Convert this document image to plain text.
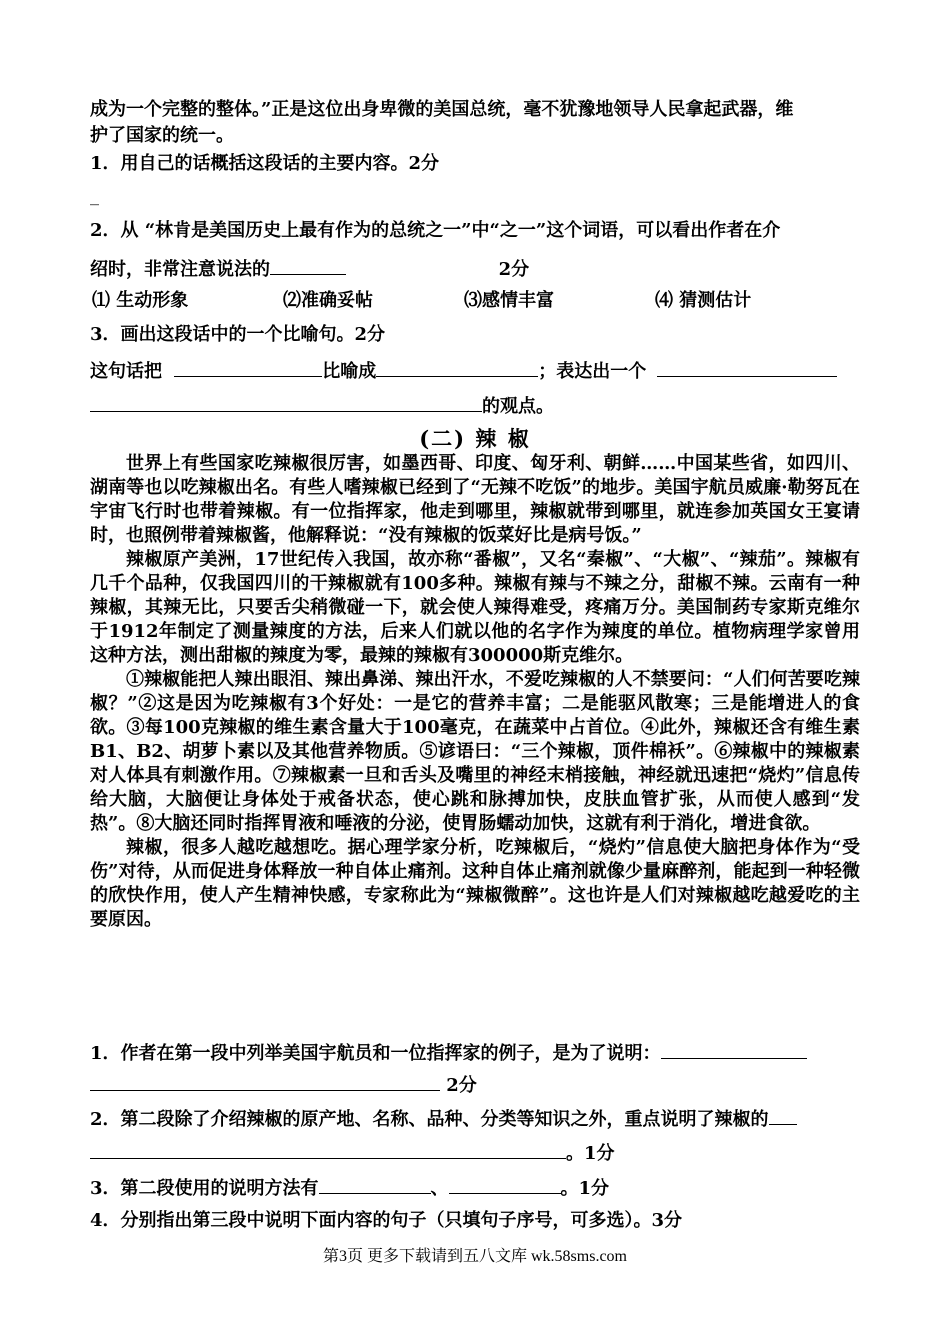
成为一个完整的整体。”正是这位出身卑微的美国总统，毫不犹豫地领导人民拿起武器，维
护了国家的统一。
1．用自己的话概括这段话的主要内容。2分
_
2．从 “林肯是美国历史上最有作为的总统之一”中“之一”这个词语，可以看出作者在介
绍时，非常注意说法的	2分
⑴ 生动形象	⑵准确妥帖	⑶感情丰富	⑷ 猜测估计
3．画出这段话中的一个比喻句。2分
这句话把	比喻成	；表达出一个
的观点。
(二) 辣 椒

世界上有些国家吃辣椒很厉害，如墨西哥、印度、匈牙利、朝鲜……中国某些省，如四川、湖南等也以吃辣椒出名。有些人嗜辣椒已经到了“无辣不吃饭”的地步。美国宇航员威廉·勒努瓦在宇宙飞行时也带着辣椒。有一位指挥家，他走到哪里，辣椒就带到哪里，就连参加英国女王宴请时，也照例带着辣椒酱，他解释说：“没有辣椒的饭菜好比是病号饭。”

辣椒原产美洲，17世纪传入我国，故亦称“番椒”，又名“秦椒”、“大椒”、“辣茄”。辣椒有几千个品种，仅我国四川的干辣椒就有100多种。辣椒有辣与不辣之分，甜椒不辣。云南有一种辣椒，其辣无比，只要舌尖稍微碰一下，就会使人辣得难受，疼痛万分。美国制药专家斯克维尔于1912年制定了测量辣度的方法，后来人们就以他的名字作为辣度的单位。植物病理学家曾用这种方法，测出甜椒的辣度为零，最辣的辣椒有300000斯克维尔。

①辣椒能把人辣出眼泪、辣出鼻涕、辣出汗水，不爱吃辣椒的人不禁要问：“人们何苦要吃辣椒？”②这是因为吃辣椒有3个好处：一是它的营养丰富；二是能驱风散寒；三是能增进人的食欲。③每100克辣椒的维生素含量大于100毫克，在蔬菜中占首位。④此外，辣椒还含有维生素B1、B2、胡萝卜素以及其他营养物质。⑤谚语曰：“三个辣椒，顶件棉袄”。⑥辣椒中的辣椒素对人体具有刺激作用。⑦辣椒素一旦和舌头及嘴里的神经末梢接触，神经就迅速把“烧灼”信息传给大脑，大脑便让身体处于戒备状态，使心跳和脉搏加快，皮肤血管扩张，从而使人感到“发热”。⑧大脑还同时指挥胃液和唾液的分泌，使胃肠蠕动加快，这就有利于消化，增进食欲。

辣椒，很多人越吃越想吃。据心理学家分析，吃辣椒后，“烧灼”信息使大脑把身体作为“受伤”对待，从而促进身体释放一种自体止痛剂。这种自体止痛剂就像少量麻醉剂，能起到一种轻微的欣快作用，使人产生精神快感，专家称此为“辣椒微醉”。这也许是人们对辣椒越吃越爱吃的主要原因。

1．作者在第一段中列举美国宇航员和一位指挥家的例子，是为了说明：
2分
2．第二段除了介绍辣椒的原产地、名称、品种、分类等知识之外，重点说明了辣椒的
。1分
3．第二段使用的说明方法有	、	。1分
4．分别指出第三段中说明下面内容的句子（只填句子序号，可多选）。3分
第3页 更多下载请到五八文库 wk.58sms.com
